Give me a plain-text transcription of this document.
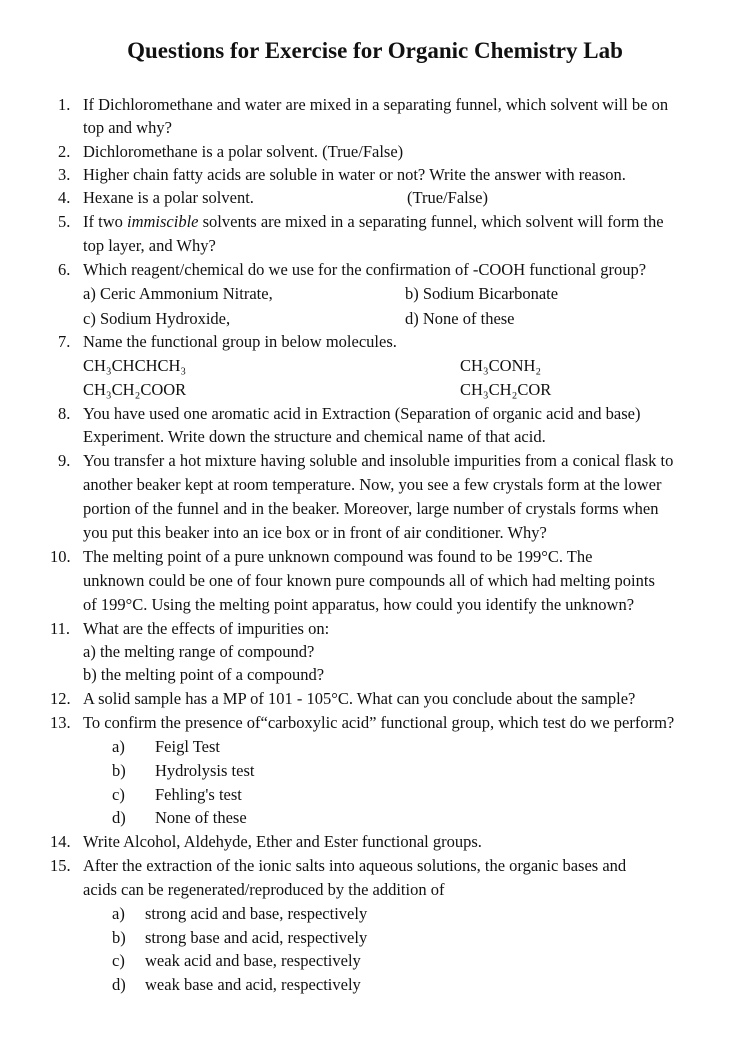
Questions for Exercise for Organic Chemistry Lab
1. If Dichloromethane and water are mixed in a separating funnel, which solvent will be on
top and why?
2. Dichloromethane is a polar solvent. (True/False)
3. Higher chain fatty acids are soluble in water or not? Write the answer with reason.
4. Hexane is a polar solvent.	(True/False)
5. If two immiscible solvents are mixed in a separating funnel, which solvent will form the
top layer, and Why?
6. Which reagent/chemical do we use for the confirmation of -COOH functional group?
a) Ceric Ammonium Nitrate,	b) Sodium Bicarbonate
c) Sodium Hydroxide,	d) None of these
7. Name the functional group in below molecules.
CH₃CHCHCH₃	CH₃CONH₂
CH₃CH₂COOR	CH₃CH₂COR
8. You have used one aromatic acid in Extraction (Separation of organic acid and base)
Experiment. Write down the structure and chemical name of that acid.
9. You transfer a hot mixture having soluble and insoluble impurities from a conical flask to
another beaker kept at room temperature. Now, you see a few crystals form at the lower
portion of the funnel and in the beaker. Moreover, large number of crystals forms when
you put this beaker into an ice box or in front of air conditioner. Why?
10. The melting point of a pure unknown compound was found to be 199°C. The
unknown could be one of four known pure compounds all of which had melting points
of 199°C. Using the melting point apparatus, how could you identify the unknown?
11. What are the effects of impurities on:
a) the melting range of compound?
b) the melting point of a compound?
12. A solid sample has a MP of 101 - 105°C. What can you conclude about the sample?
13. To confirm the presence of“carboxylic acid” functional group, which test do we perform?
a) Feigl Test
b) Hydrolysis test
c) Fehling's test
d) None of these
14. Write Alcohol, Aldehyde, Ether and Ester functional groups.
15. After the extraction of the ionic salts into aqueous solutions, the organic bases and
acids can be regenerated/reproduced by the addition of
a) strong acid and base, respectively
b) strong base and acid, respectively
c) weak acid and base, respectively
d) weak base and acid, respectively
